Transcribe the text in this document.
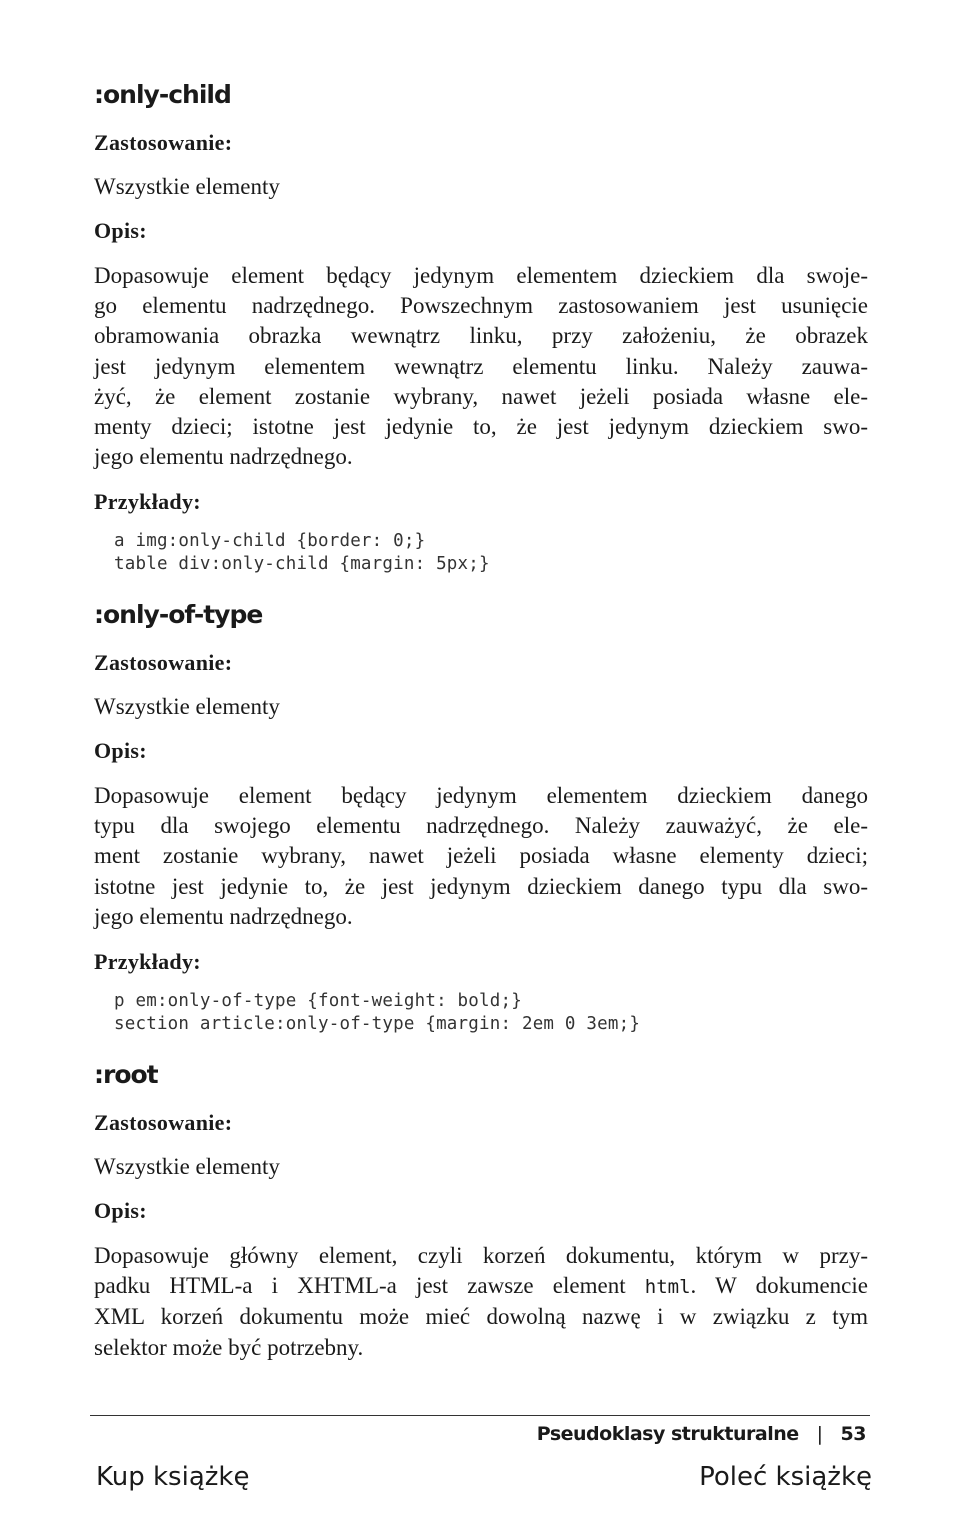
:only-child

Zastosowanie:

Wszystkie elementy

Opis:

Dopasowuje element będący jedynym elementem dzieckiem dla swoje-
go elementu nadrzędnego. Powszechnym zastosowaniem jest usunięcie
obramowania obrazka wewnątrz linku, przy założeniu, że obrazek
jest jedynym elementem wewnątrz elementu linku. Należy zauwa-
żyć, że element zostanie wybrany, nawet jeżeli posiada własne ele-
menty dzieci; istotne jest jedynie to, że jest jedynym dzieckiem swo-
jego elementu nadrzędnego.

Przykłady:

a img:only-child {border: 0;}
table div:only-child {margin: 5px;}
:only-of-type

Zastosowanie:

Wszystkie elementy

Opis:

Dopasowuje element będący jedynym elementem dzieckiem danego
typu dla swojego elementu nadrzędnego. Należy zauważyć, że ele-
ment zostanie wybrany, nawet jeżeli posiada własne elementy dzieci;
istotne jest jedynie to, że jest jedynym dzieckiem danego typu dla swo-
jego elementu nadrzędnego.

Przykłady:

p em:only-of-type {font-weight: bold;}
section article:only-of-type {margin: 2em 0 3em;}
:root

Zastosowanie:

Wszystkie elementy

Opis:

Dopasowuje główny element, czyli korzeń dokumentu, którym w przy-
padku HTML-a i XHTML-a jest zawsze element html. W dokumencie
XML korzeń dokumentu może mieć dowolną nazwę i w związku z tym
selektor może być potrzebny.
Pseudoklasy strukturalne | 53
Kup książkę	Poleć książkę
